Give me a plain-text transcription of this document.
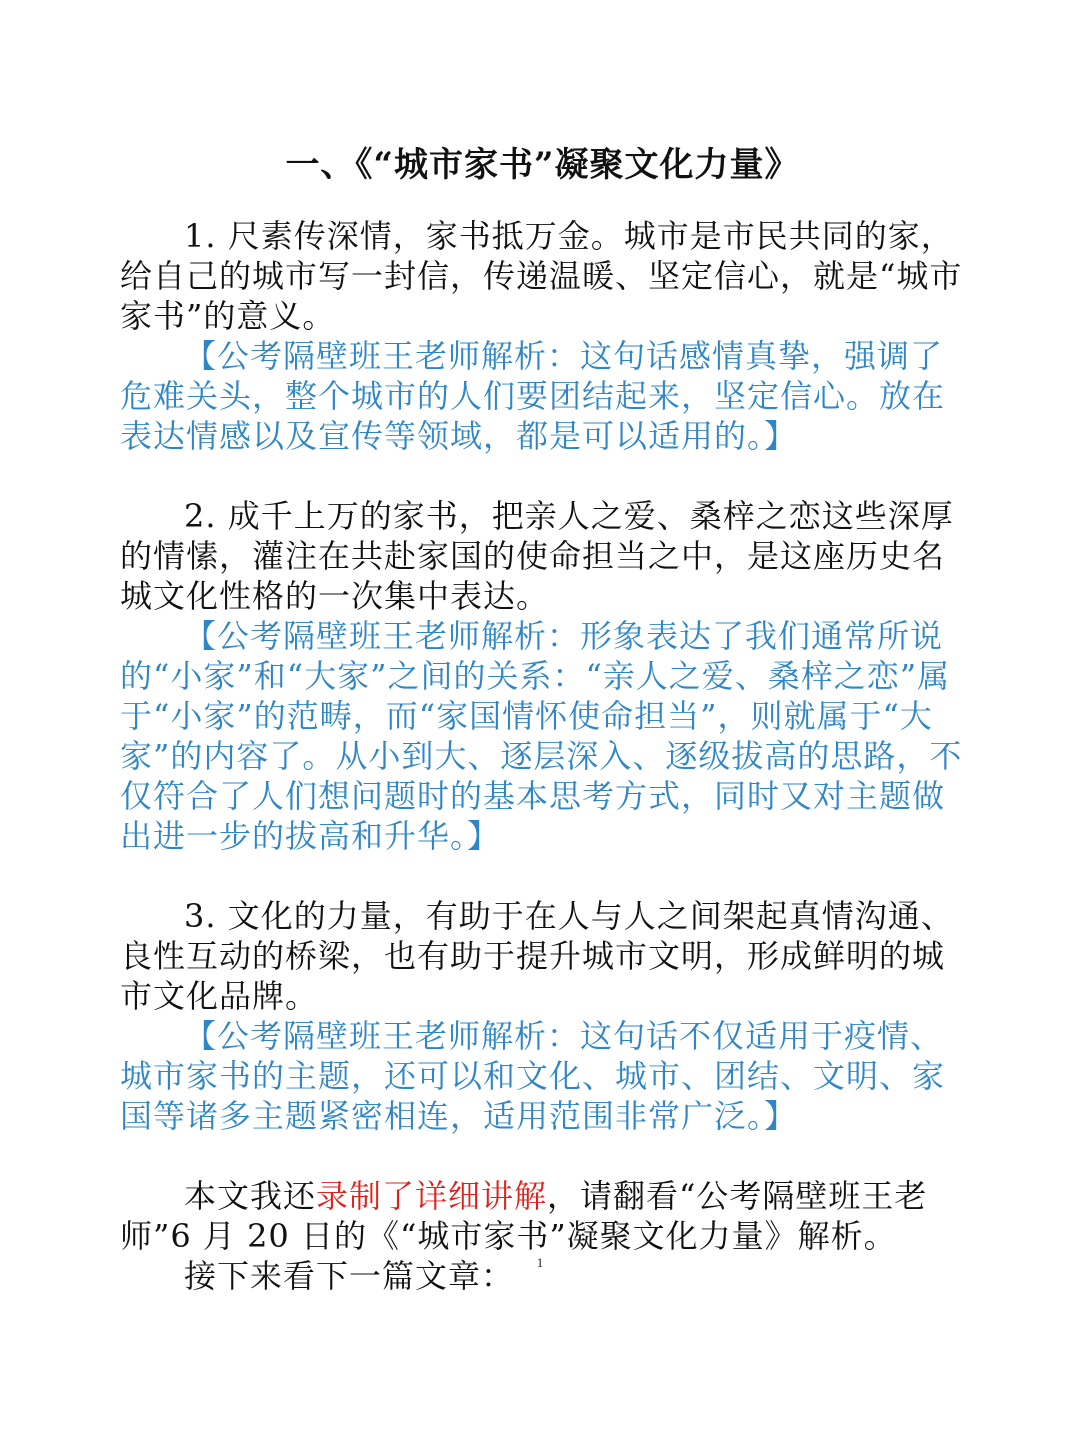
一、《“城市家书”凝聚文化力量》

1. 尺素传深情，家书抵万金。城市是市民共同的家，给自己的城市写一封信，传递温暖、坚定信心，就是“城市家书”的意义。

【公考隔壁班王老师解析：这句话感情真挚，强调了危难关头，整个城市的人们要团结起来，坚定信心。放在表达情感以及宣传等领域，都是可以适用的。】

2. 成千上万的家书，把亲人之爱、桑梓之恋这些深厚的情愫，灌注在共赴家国的使命担当之中，是这座历史名城文化性格的一次集中表达。

【公考隔壁班王老师解析：形象表达了我们通常所说的“小家”和“大家”之间的关系：“亲人之爱、桑梓之恋”属于“小家”的范畴，而“家国情怀使命担当”，则就属于“大家”的内容了。从小到大、逐层深入、逐级拔高的思路，不仅符合了人们想问题时的基本思考方式，同时又对主题做出进一步的拔高和升华。】

3. 文化的力量，有助于在人与人之间架起真情沟通、良性互动的桥梁，也有助于提升城市文明，形成鲜明的城市文化品牌。

【公考隔壁班王老师解析：这句话不仅适用于疫情、城市家书的主题，还可以和文化、城市、团结、文明、家国等诸多主题紧密相连，适用范围非常广泛。】

本文我还录制了详细讲解，请翻看“公考隔壁班王老师”6 月 20 日的《“城市家书”凝聚文化力量》解析。

接下来看下一篇文章：	1
